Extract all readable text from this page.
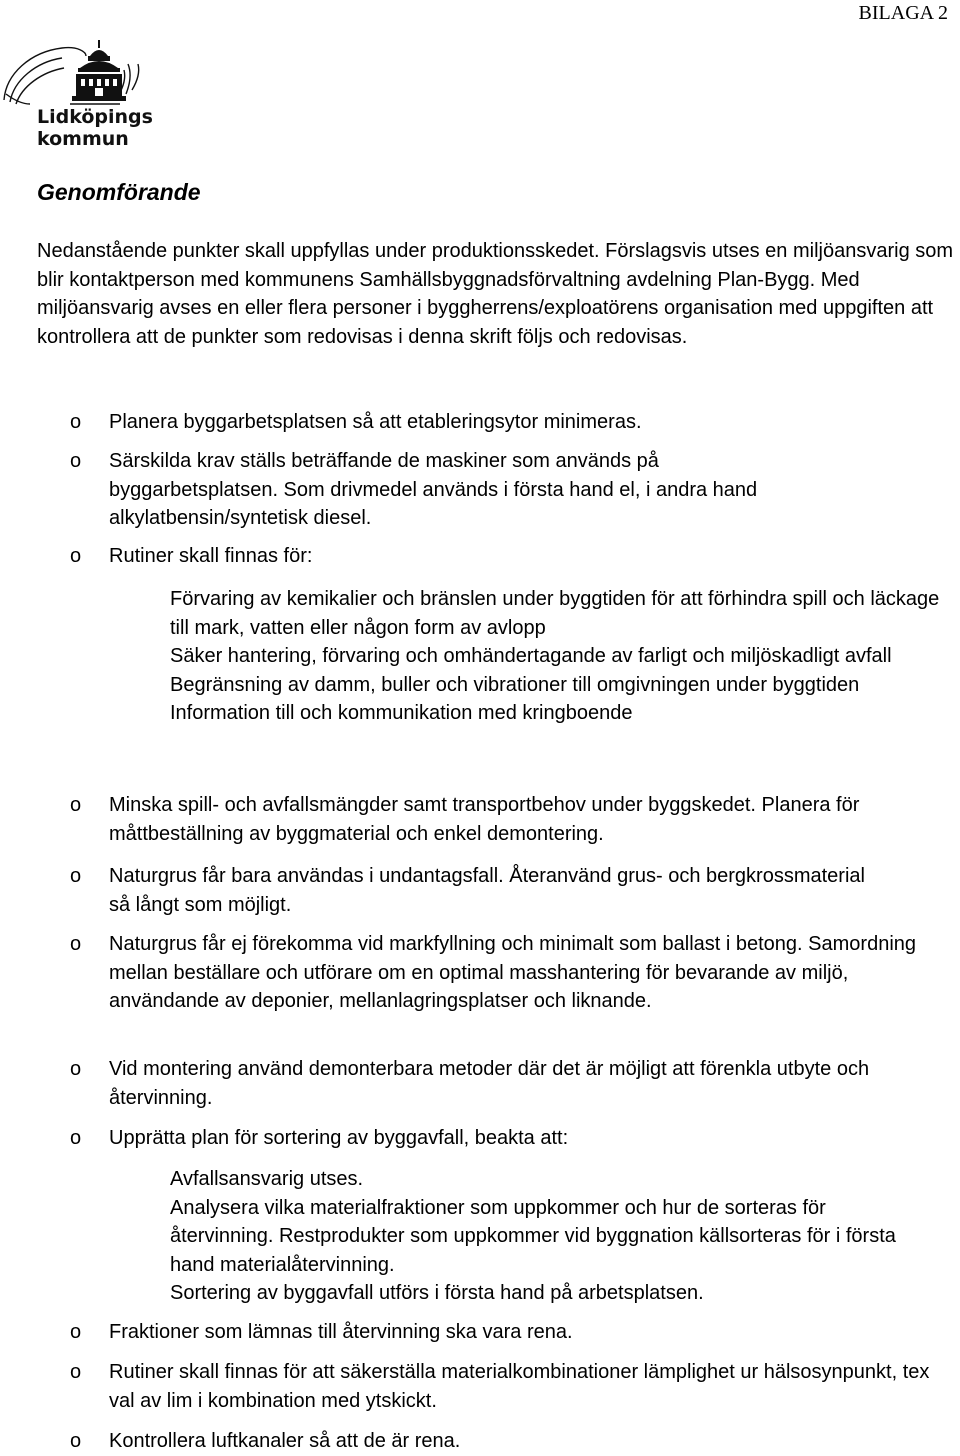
BILAGA 2
Lidköpings
kommun
Genomförande

Nedanstående punkter skall uppfyllas under produktionsskedet. Förslagsvis utses en miljöansvarig som blir kontaktperson med kommunens Samhällsbyggnadsförvaltning avdelning Plan-Bygg. Med miljöansvarig avses en eller flera personer i byggherrens/exploatörens organisation med uppgiften att kontrollera att de punkter som redovisas i denna skrift följs och redovisas.

o	Planera byggarbetsplatsen så att etableringsytor minimeras.

o	Särskilda krav ställs beträffande de maskiner som används på byggarbetsplatsen. Som drivmedel används i första hand el, i andra hand alkylatbensin/syntetisk diesel.

o	Rutiner skall finnas för:

o	Minska spill- och avfallsmängder samt transportbehov under byggskedet. Planera för måttbeställning av byggmaterial och enkel demontering.

o	Naturgrus får bara användas i undantagsfall. Återanvänd grus- och bergkrossmaterial så långt som möjligt.

o	Naturgrus får ej förekomma vid markfyllning och minimalt som ballast i betong. Samordning mellan beställare och utförare om en optimal masshantering för bevarande av miljö, användande av deponier, mellanlagringsplatser och liknande.

o	Vid montering använd demonterbara metoder där det är möjligt att förenkla utbyte och återvinning.

o	Upprätta plan för sortering av byggavfall, beakta att:

o	Fraktioner som lämnas till återvinning ska vara rena.

o	Rutiner skall finnas för att säkerställa materialkombinationer lämplighet ur hälsosynpunkt, tex val av lim i kombination med ytskickt.

o	Kontrollera luftkanaler så att de är rena.

Förvaring av kemikalier och bränslen under byggtiden för att förhindra spill och läckage till mark, vatten eller någon form av avlopp
Säker hantering, förvaring och omhändertagande av farligt och miljöskadligt avfall
Begränsning av damm, buller och vibrationer till omgivningen under byggtiden
Information till och kommunikation med kringboende
Avfallsansvarig utses.
Analysera vilka materialfraktioner som uppkommer och hur de sorteras för återvinning. Restprodukter som uppkommer vid byggnation källsorteras för i första hand materialåtervinning.
Sortering av byggavfall utförs i första hand på arbetsplatsen.
